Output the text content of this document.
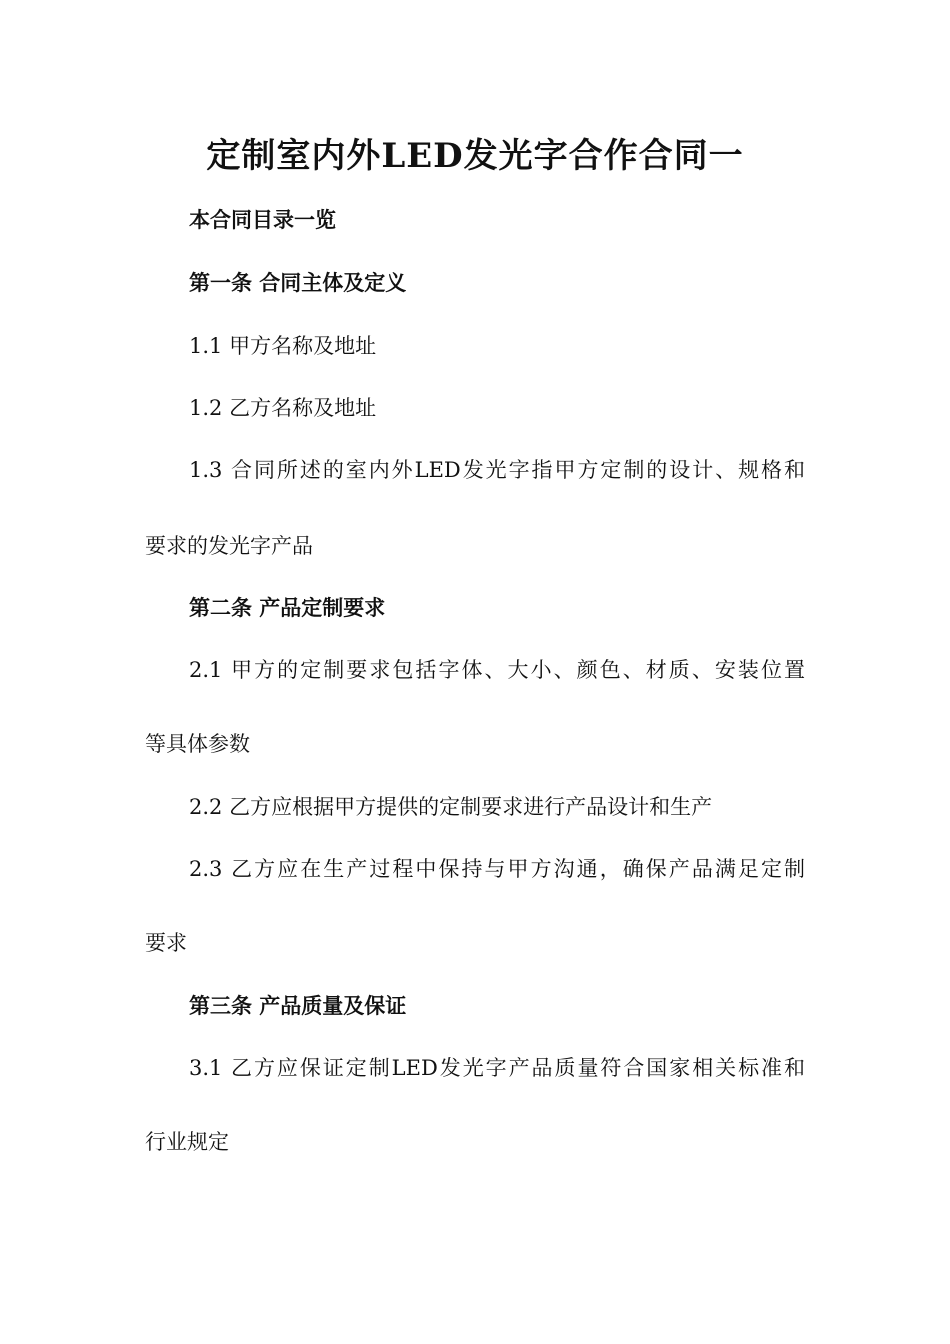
定制室内外LED发光字合作合同一
本合同目录一览
第一条 合同主体及定义
1.1 甲方名称及地址
1.2 乙方名称及地址
1.3 合同所述的室内外LED发光字指甲方定制的设计、规格和
要求的发光字产品
第二条 产品定制要求
2.1 甲方的定制要求包括字体、大小、颜色、材质、安装位置
等具体参数
2.2 乙方应根据甲方提供的定制要求进行产品设计和生产
2.3 乙方应在生产过程中保持与甲方沟通，确保产品满足定制
要求
第三条 产品质量及保证
3.1 乙方应保证定制LED发光字产品质量符合国家相关标准和
行业规定
